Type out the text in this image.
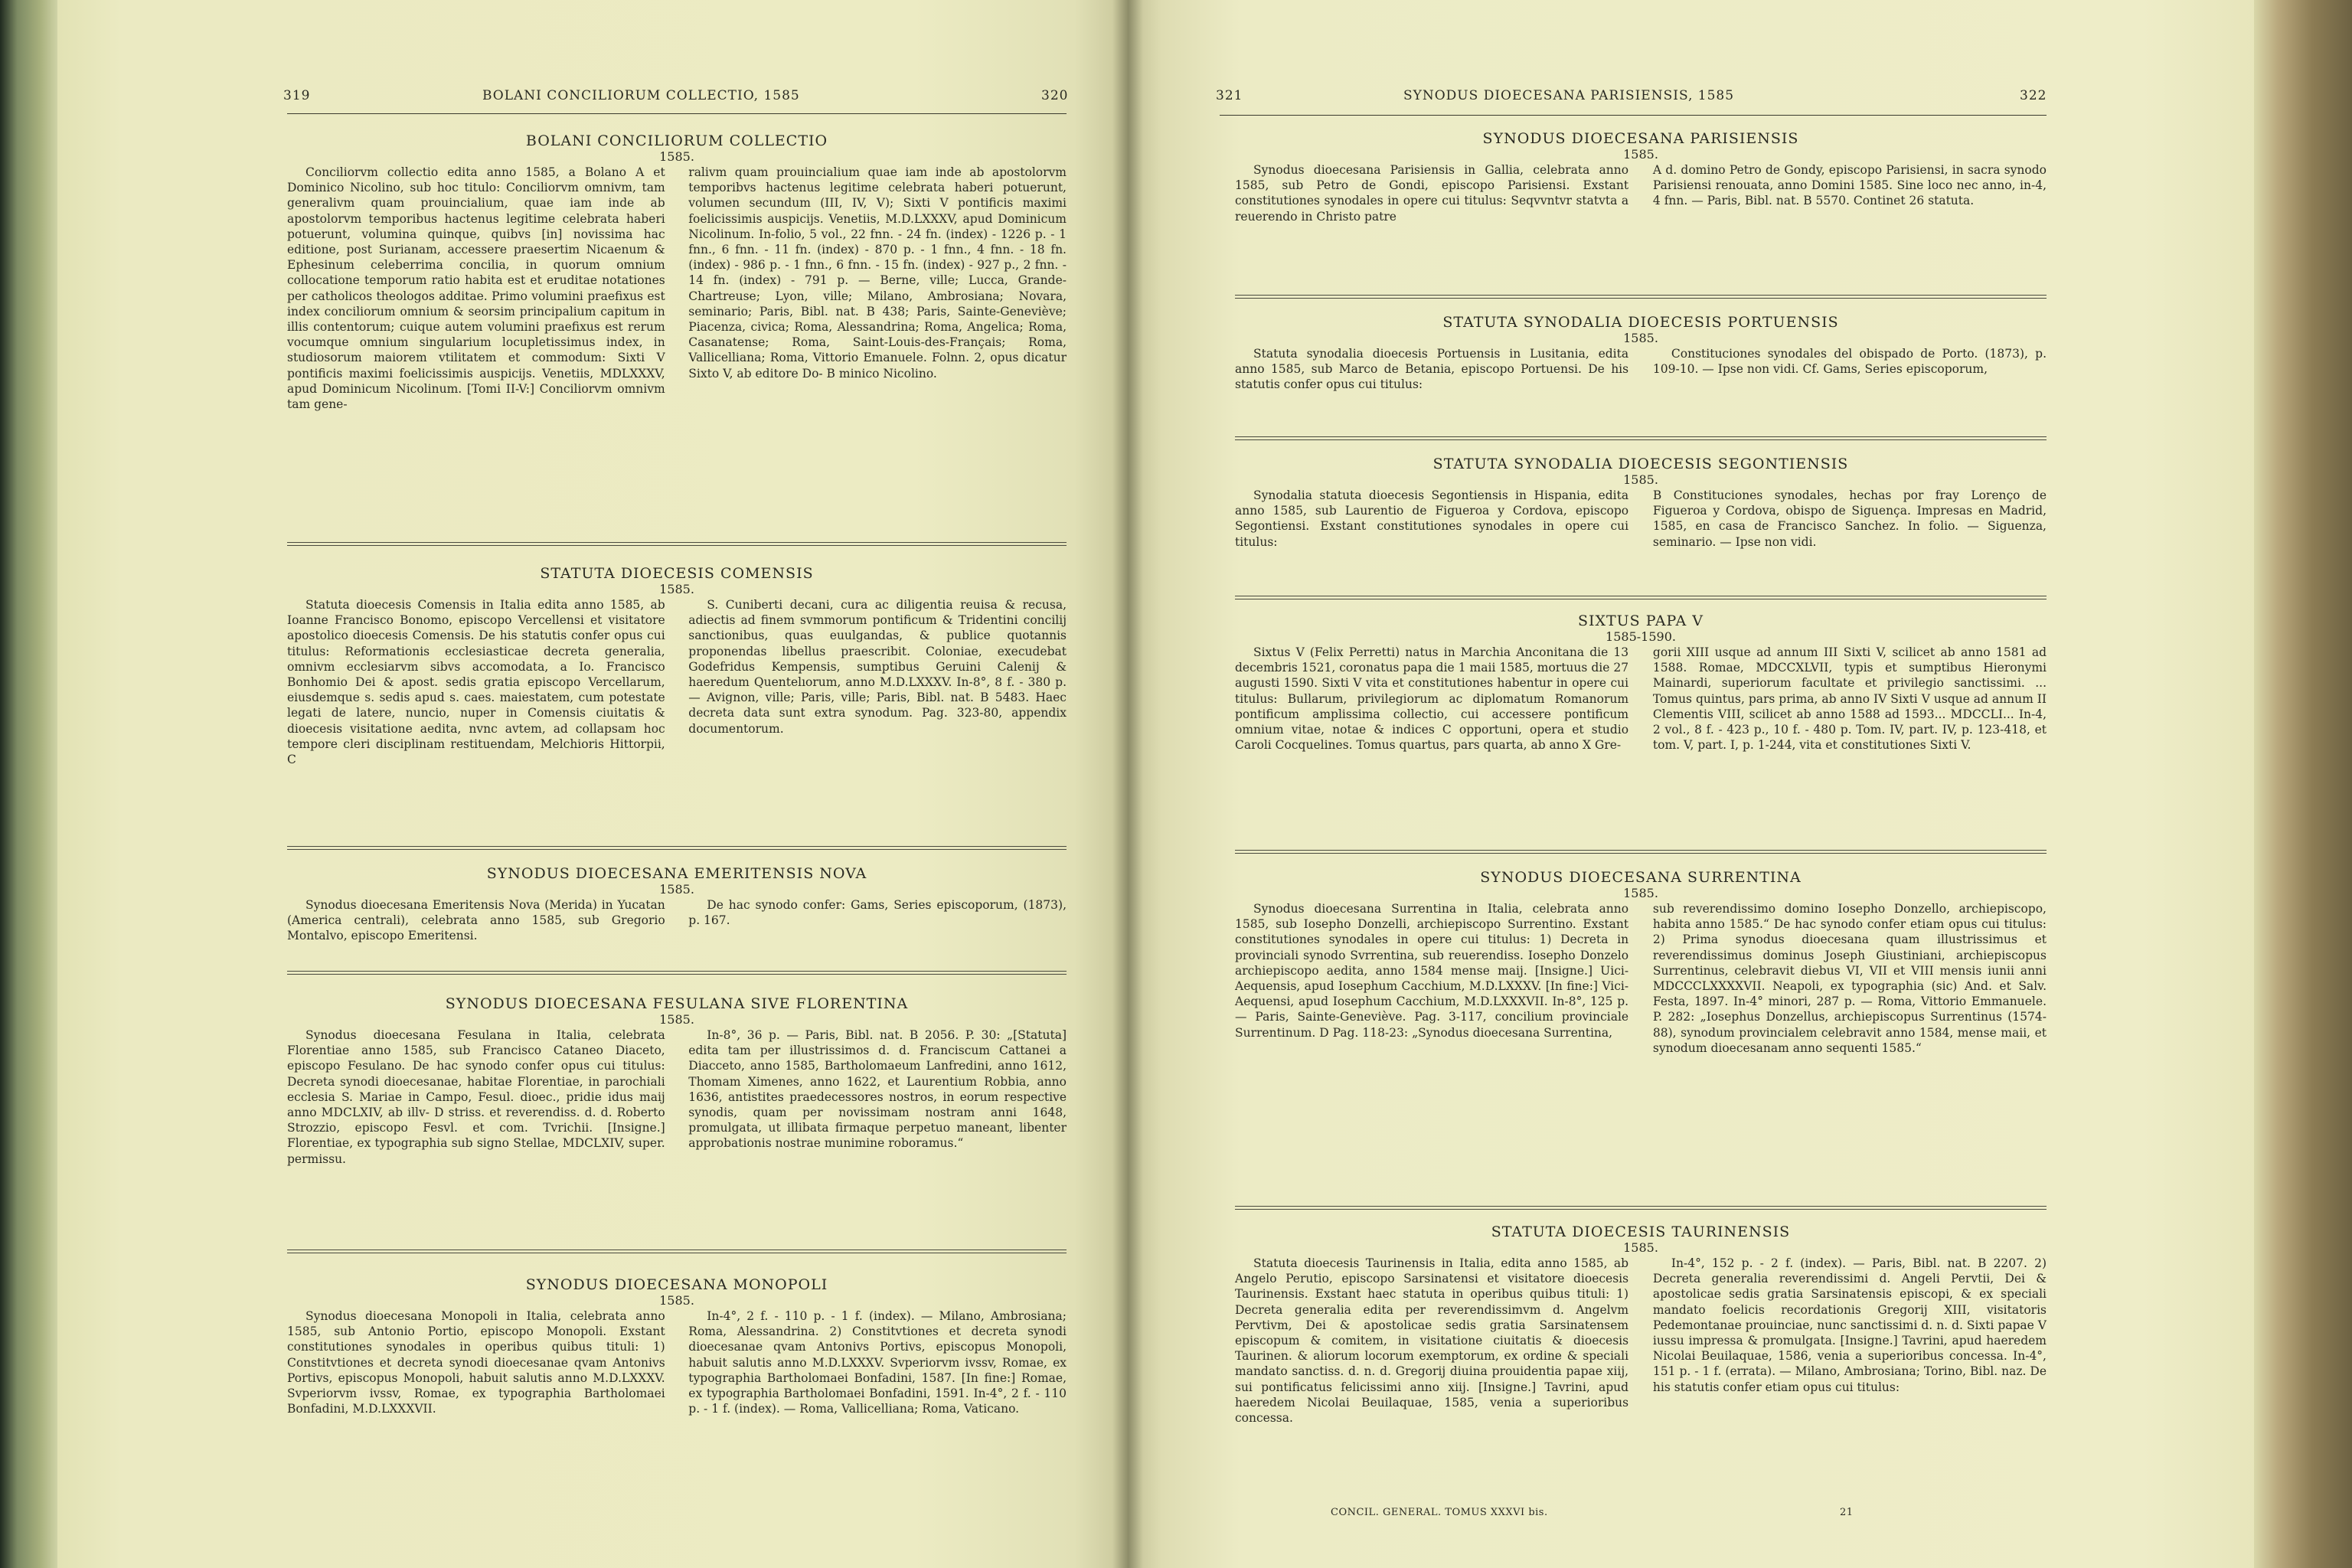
319	BOLANI CONCILIORUM COLLECTIO, 1585	320
BOLANI CONCILIORUM COLLECTIO
1585.

Conciliorvm collectio edita anno 1585, a Bolano A et Dominico Nicolino, sub hoc titulo: Conciliorvm omnivm, tam generalivm quam prouincialium, quae iam inde ab apostolorvm temporibus hactenus legitime celebrata haberi potuerunt, volumina quinque, quibvs [in] novissima hac editione, post Surianam, accessere praesertim Nicaenum & Ephesinum celeberrima concilia, in quorum omnium collocatione temporum ratio habita est et eruditae notationes per catholicos theologos additae. Primo volumini praefixus est index conciliorum omnium & seorsim principalium capitum in illis contentorum; cuique autem volumini praefixus est rerum vocumque omnium singularium locupletissimus index, in studiosorum maiorem vtilitatem et commodum: Sixti V pontificis maximi foelicissimis auspicijs. Venetiis, MDLXXXV, apud Dominicum Nicolinum. [Tomi II-V:] Conciliorvm omnivm tam gene-

ralivm quam prouincialium quae iam inde ab apostolorvm temporibvs hactenus legitime celebrata haberi potuerunt, volumen secundum (III, IV, V); Sixti V pontificis maximi foelicissimis auspicijs. Venetiis, M.D.LXXXV, apud Dominicum Nicolinum. In-folio, 5 vol., 22 fnn. - 24 fn. (index) - 1226 p. - 1 fnn., 6 fnn. - 11 fn. (index) - 870 p. - 1 fnn., 4 fnn. - 18 fn. (index) - 986 p. - 1 fnn., 6 fnn. - 15 fn. (index) - 927 p., 2 fnn. - 14 fn. (index) - 791 p. — Berne, ville; Lucca, Grande-Chartreuse; Lyon, ville; Milano, Ambrosiana; Novara, seminario; Paris, Bibl. nat. B 438; Paris, Sainte-Geneviève; Piacenza, civica; Roma, Alessandrina; Roma, Angelica; Roma, Casanatense; Roma, Saint-Louis-des-Français; Roma, Vallicelliana; Roma, Vittorio Emanuele. Folnn. 2, opus dicatur Sixto V, ab editore Do- B minico Nicolino.

STATUTA DIOECESIS COMENSIS
1585.

Statuta dioecesis Comensis in Italia edita anno 1585, ab Ioanne Francisco Bonomo, episcopo Vercellensi et visitatore apostolico dioecesis Comensis. De his statutis confer opus cui titulus: Reformationis ecclesiasticae decreta generalia, omnivm ecclesiarvm sibvs accomodata, a Io. Francisco Bonhomio Dei & apost. sedis gratia episcopo Vercellarum, eiusdemque s. sedis apud s. caes. maiestatem, cum potestate legati de latere, nuncio, nuper in Comensis ciuitatis & dioecesis visitatione aedita, nvnc avtem, ad collapsam hoc tempore cleri disciplinam restituendam, Melchioris Hittorpii, C

S. Cuniberti decani, cura ac diligentia reuisa & recusa, adiectis ad finem svmmorum pontificum & Tridentini concilij sanctionibus, quas euulgandas, & publice quotannis proponendas libellus praescribit. Coloniae, execudebat Godefridus Kempensis, sumptibus Geruini Calenij & haeredum Quentelıorum, anno M.D.LXXXV. In-8°, 8 f. - 380 p. — Avignon, ville; Paris, ville; Paris, Bibl. nat. B 5483. Haec decreta data sunt extra synodum. Pag. 323-80, appendix documentorum.

SYNODUS DIOECESANA EMERITENSIS NOVA
1585.

Synodus dioecesana Emeritensis Nova (Merida) in Yucatan (America centrali), celebrata anno 1585, sub Gregorio Montalvo, episcopo Emeritensi.

De hac synodo confer: Gams, Series episcoporum, (1873), p. 167.

SYNODUS DIOECESANA FESULANA SIVE FLORENTINA
1585.

Synodus dioecesana Fesulana in Italia, celebrata Florentiae anno 1585, sub Francisco Cataneo Diaceto, episcopo Fesulano. De hac synodo confer opus cui titulus: Decreta synodi dioecesanae, habitae Florentiae, in parochiali ecclesia S. Mariae in Campo, Fesul. dioec., pridie idus maij anno MDCLXIV, ab illv- D striss. et reverendiss. d. d. Roberto Strozzio, episcopo Fesvl. et com. Tvrichii. [Insigne.] Florentiae, ex typographia sub signo Stellae, MDCLXIV, super. permissu.

In-8°, 36 p. — Paris, Bibl. nat. B 2056. P. 30: „[Statuta] edita tam per illustrissimos d. d. Franciscum Cattanei a Diacceto, anno 1585, Bartholomaeum Lanfredini, anno 1612, Thomam Ximenes, anno 1622, et Laurentium Robbia, anno 1636, antistites praedecessores nostros, in eorum respective synodis, quam per novissimam nostram anni 1648, promulgata, ut illibata firmaque perpetuo maneant, libenter approbationis nostrae munimine roboramus.“

SYNODUS DIOECESANA MONOPOLI
1585.

Synodus dioecesana Monopoli in Italia, celebrata anno 1585, sub Antonio Portio, episcopo Monopoli. Exstant constitutiones synodales in operibus quibus tituli: 1) Constitvtiones et decreta synodi dioecesanae qvam Antonivs Portivs, episcopus Monopoli, habuit salutis anno M.D.LXXXV. Svperiorvm ivssv, Romae, ex typographia Bartholomaei Bonfadini, M.D.LXXXVII.

In-4°, 2 f. - 110 p. - 1 f. (index). — Milano, Ambrosiana; Roma, Alessandrina. 2) Constitvtiones et decreta synodi dioecesanae qvam Antonivs Portivs, episcopus Monopoli, habuit salutis anno M.D.LXXXV. Svperiorvm ivssv, Romae, ex typographia Bartholomaei Bonfadini, 1587. [In fine:] Romae, ex typographia Bartholomaei Bonfadini, 1591. In-4°, 2 f. - 110 p. - 1 f. (index). — Roma, Vallicelliana; Roma, Vaticano.

321	SYNODUS DIOECESANA PARISIENSIS, 1585	322
SYNODUS DIOECESANA PARISIENSIS
1585.

Synodus dioecesana Parisiensis in Gallia, celebrata anno 1585, sub Petro de Gondi, episcopo Parisiensi. Exstant constitutiones synodales in opere cui titulus: Seqvvntvr statvta a reuerendo in Christo patre

A d. domino Petro de Gondy, episcopo Parisiensi, in sacra synodo Parisiensi renouata, anno Domini 1585. Sine loco nec anno, in-4, 4 fnn. — Paris, Bibl. nat. B 5570. Continet 26 statuta.

STATUTA SYNODALIA DIOECESIS PORTUENSIS
1585.

Statuta synodalia dioecesis Portuensis in Lusitania, edita anno 1585, sub Marco de Betania, episcopo Portuensi. De his statutis confer opus cui titulus:

Constituciones synodales del obispado de Porto. (1873), p. 109-10. — Ipse non vidi. Cf. Gams, Series episcoporum,

STATUTA SYNODALIA DIOECESIS SEGONTIENSIS
1585.

Synodalia statuta dioecesis Segontiensis in Hispania, edita anno 1585, sub Laurentio de Figueroa y Cordova, episcopo Segontiensi. Exstant constitutiones synodales in opere cui titulus:

B Constituciones synodales, hechas por fray Lorenço de Figueroa y Cordova, obispo de Siguença. Impresas en Madrid, 1585, en casa de Francisco Sanchez. In folio. — Siguenza, seminario. — Ipse non vidi.

SIXTUS PAPA V
1585-1590.

Sixtus V (Felix Perretti) natus in Marchia Anconitana die 13 decembris 1521, coronatus papa die 1 maii 1585, mortuus die 27 augusti 1590. Sixti V vita et constitutiones habentur in opere cui titulus: Bullarum, privilegiorum ac diplomatum Romanorum pontificum amplissima collectio, cui accessere pontificum omnium vitae, notae & indices C opportuni, opera et studio Caroli Cocquelines. Tomus quartus, pars quarta, ab anno X Gre-

gorii XIII usque ad annum III Sixti V, scilicet ab anno 1581 ad 1588. Romae, MDCCXLVII, typis et sumptibus Hieronymi Mainardi, superiorum facultate et privilegio sanctissimi. ... Tomus quintus, pars prima, ab anno IV Sixti V usque ad annum II Clementis VIII, scilicet ab anno 1588 ad 1593... MDCCLI... In-4, 2 vol., 8 f. - 423 p., 10 f. - 480 p. Tom. IV, part. IV, p. 123-418, et tom. V, part. I, p. 1-244, vita et constitutiones Sixti V.

SYNODUS DIOECESANA SURRENTINA
1585.

Synodus dioecesana Surrentina in Italia, celebrata anno 1585, sub Iosepho Donzelli, archiepiscopo Surrentino. Exstant constitutiones synodales in opere cui titulus: 1) Decreta in provinciali synodo Svrrentina, sub reuerendiss. Iosepho Donzelo archiepiscopo aedita, anno 1584 mense maij. [Insigne.] Uici-Aequensis, apud Iosephum Cacchium, M.D.LXXXV. [In fine:] Vici-Aequensi, apud Iosephum Cacchium, M.D.LXXXVII. In-8°, 125 p. — Paris, Sainte-Geneviève. Pag. 3-117, concilium provinciale Surrentinum. D Pag. 118-23: „Synodus dioecesana Surrentina,

sub reverendissimo domino Iosepho Donzello, archiepiscopo, habita anno 1585.“ De hac synodo confer etiam opus cui titulus: 2) Prima synodus dioecesana quam illustrissimus et reverendissimus dominus Joseph Giustiniani, archiepiscopus Surrentinus, celebravit diebus VI, VII et VIII mensis iunii anni MDCCCLXXXXVII. Neapoli, ex typographia (sic) And. et Salv. Festa, 1897. In-4° minori, 287 p. — Roma, Vittorio Emmanuele. P. 282: „Iosephus Donzellus, archiepiscopus Surrentinus (1574-88), synodum provincialem celebravit anno 1584, mense maii, et synodum dioecesanam anno sequenti 1585.“

STATUTA DIOECESIS TAURINENSIS
1585.

Statuta dioecesis Taurinensis in Italia, edita anno 1585, ab Angelo Perutio, episcopo Sarsinatensi et visitatore dioecesis Taurinensis. Exstant haec statuta in operibus quibus tituli: 1) Decreta generalia edita per reverendissimvm d. Angelvm Pervtivm, Dei & apostolicae sedis gratia Sarsinatensem episcopum & comitem, in visitatione ciuitatis & dioecesis Taurinen. & aliorum locorum exemptorum, ex ordine & speciali mandato sanctiss. d. n. d. Gregorij diuina prouidentia papae xiij, sui pontificatus felicissimi anno xiij. [Insigne.] Tavrini, apud haeredem Nicolai Beuilaquae, 1585, venia a superioribus concessa.

In-4°, 152 p. - 2 f. (index). — Paris, Bibl. nat. B 2207. 2) Decreta generalia reverendissimi d. Angeli Pervtii, Dei & apostolicae sedis gratia Sarsinatensis episcopi, & ex speciali mandato foelicis recordationis Gregorij XIII, visitatoris Pedemontanae prouinciae, nunc sanctissimi d. n. d. Sixti papae V iussu impressa & promulgata. [Insigne.] Tavrini, apud haeredem Nicolai Beuilaquae, 1586, venia a superioribus concessa. In-4°, 151 p. - 1 f. (errata). — Milano, Ambrosiana; Torino, Bibl. naz. De his statutis confer etiam opus cui titulus:

CONCIL. GENERAL. TOMUS XXXVI bis.	21
